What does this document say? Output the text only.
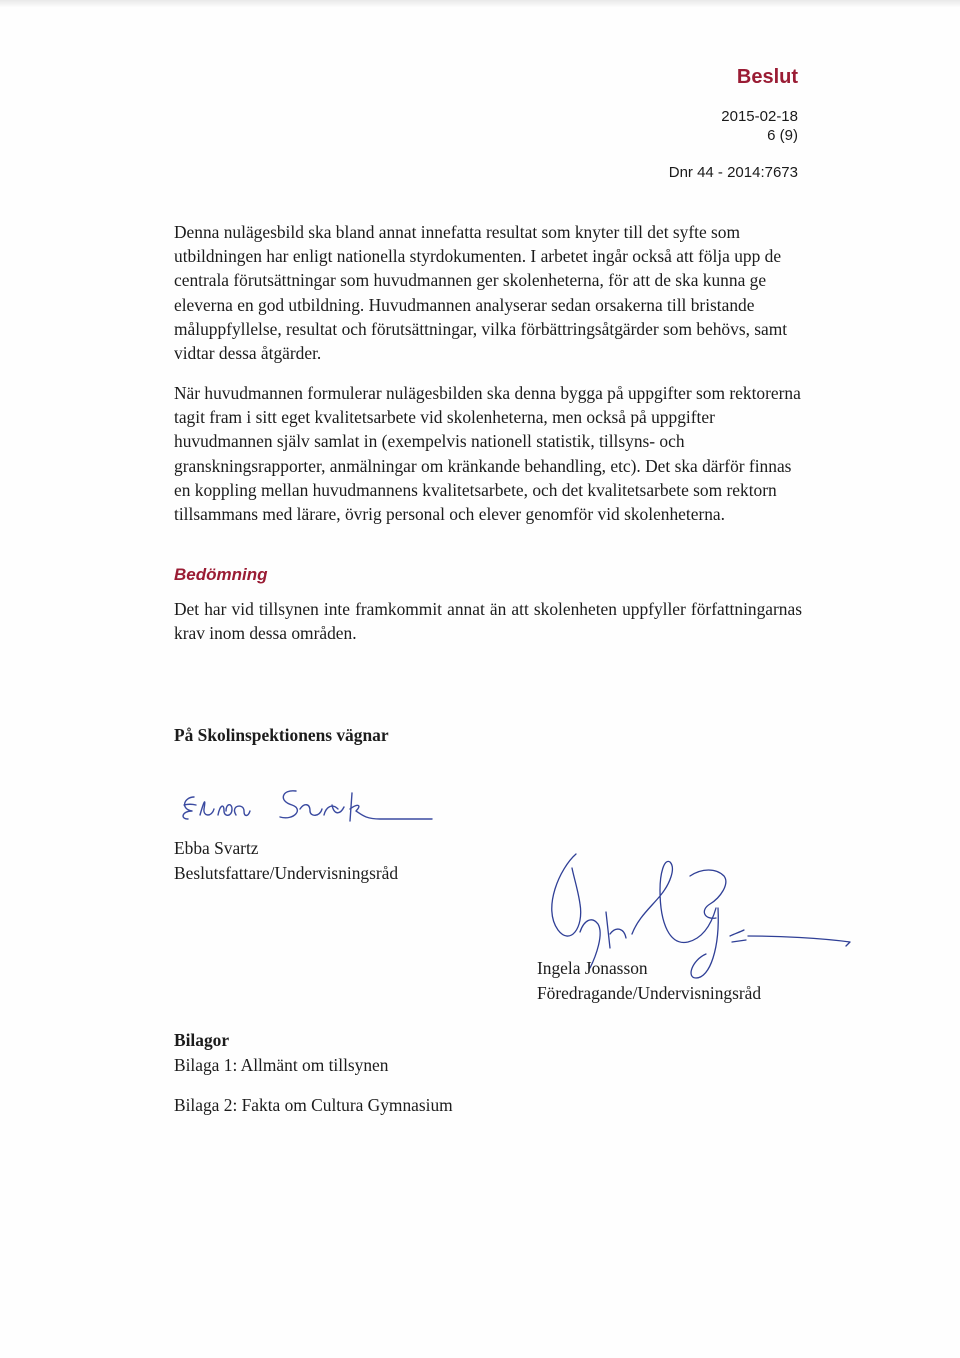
Beslut
2015-02-18
6 (9)
Dnr 44 - 2014:7673

Denna nulägesbild ska bland annat innefatta resultat som knyter till det syfte som utbildningen har enligt nationella styrdokumenten. I arbetet ingår också att följa upp de centrala förutsättningar som huvudmannen ger skolenheterna, för att de ska kunna ge eleverna en god utbildning. Huvudmannen analyserar sedan orsakerna till bristande måluppfyllelse, resultat och förutsättningar, vilka förbättringsåtgärder som behövs, samt vidtar dessa åtgärder.

När huvudmannen formulerar nulägesbilden ska denna bygga på uppgifter som rektorerna tagit fram i sitt eget kvalitetsarbete vid skolenheterna, men också på uppgifter huvudmannen själv samlat in (exempelvis nationell statistik, tillsyns- och granskningsrapporter, anmälningar om kränkande behandling, etc). Det ska därför finnas en koppling mellan huvudmannens kvalitetsarbete, och det kvalitetsarbete som rektorn tillsammans med lärare, övrig personal och elever genomför vid skolenheterna.

Bedömning

Det har vid tillsynen inte framkommit annat än att skolenheten uppfyller författningarnas krav inom dessa områden.

På Skolinspektionens vägnar
Ebba Svartz
Beslutsfattare/Undervisningsråd
Ingela Jonasson
Föredragande/Undervisningsråd
Bilagor
Bilaga 1: Allmänt om tillsynen
Bilaga 2: Fakta om Cultura Gymnasium
